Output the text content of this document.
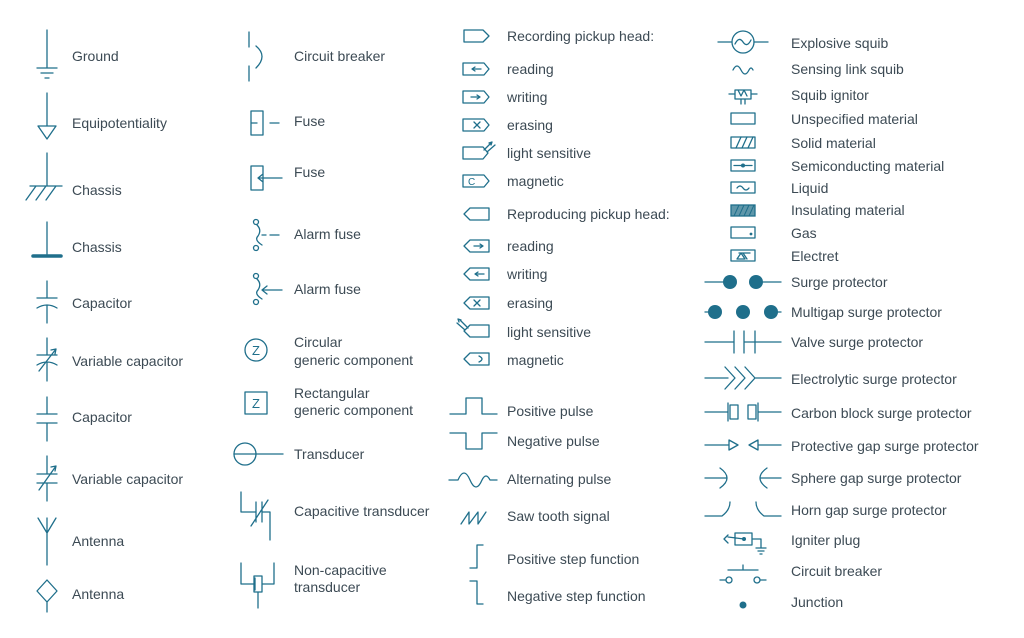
Z
Z
C
Ground
Equipotentiality
Chassis
Chassis
Capacitor
Variable capacitor
Capacitor
Variable capacitor
Antenna
Antenna
Circuit breaker
Fuse
Fuse
Alarm fuse
Alarm fuse
Circular
generic component
Rectangular
generic component
Transducer
Capacitive transducer
Non-capacitive
transducer
Recording pickup head:
reading
writing
erasing
light sensitive
magnetic
Reproducing pickup head:
reading
writing
erasing
light sensitive
magnetic
Positive pulse
Negative pulse
Alternating pulse
Saw tooth signal
Positive step function
Negative step function
Explosive squib
Sensing link squib
Squib ignitor
Unspecified material
Solid material
Semiconducting material
Liquid
Insulating material
Gas
Electret
Surge protector
Multigap surge protector
Valve surge protector
Electrolytic surge protector
Carbon block surge protector
Protective gap surge protector
Sphere gap surge protector
Horn gap surge protector
Igniter plug
Circuit breaker
Junction
